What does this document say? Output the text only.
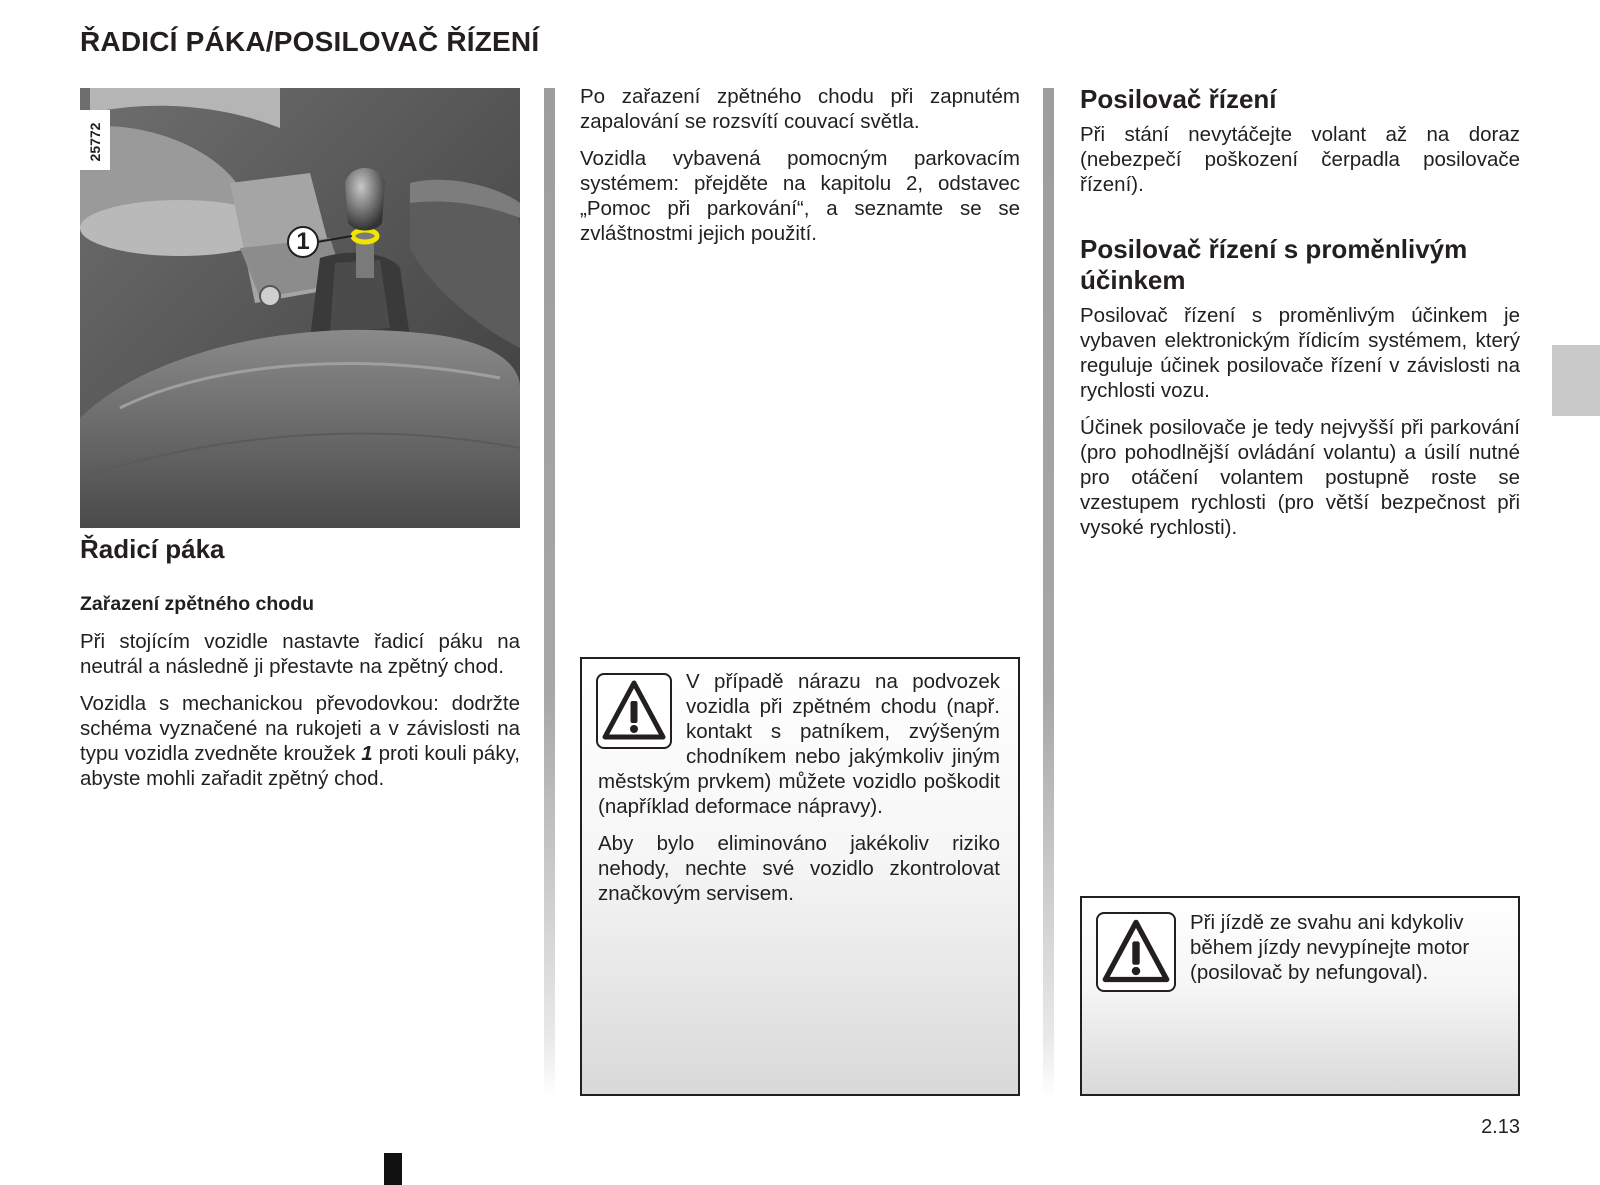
ŘADICÍ PÁKA/POSILOVAČ ŘÍZENÍ
25772
1

Řadicí páka

Zařazení zpětného chodu

Při stojícím vozidle nastavte řadicí páku na neutrál a následně ji přestavte na zpětný chod.

Vozidla s mechanickou převodovkou: dodržte schéma vyznačené na rukojeti a v závislosti na typu vozidla zvedněte kroužek 1 proti kouli páky, abyste mohli zařadit zpětný chod.

Po zařazení zpětného chodu při zapnutém zapalování se rozsvítí couvací světla.

Vozidla vybavená pomocným parkovacím systémem: přejděte na kapitolu 2, odstavec „Pomoc při parkování“, a seznamte se se zvláštnostmi jejich použití.

V případě nárazu na podvozek vozidla při zpětném chodu (např. kontakt s patníkem, zvýšeným chodníkem nebo jakýmkoliv jiným městským prvkem) můžete vozidlo poškodit (například deformace nápravy).

Aby bylo eliminováno jakékoliv riziko nehody, nechte své vozidlo zkontrolovat značkovým servisem.

Posilovač řízení

Při stání nevytáčejte volant až na doraz (nebezpečí poškození čerpadla posilovače řízení).

Posilovač řízení s proměnlivým účinkem

Posilovač řízení s proměnlivým účinkem je vybaven elektronickým řídicím systémem, který reguluje účinek posilovače řízení v závislosti na rychlosti vozu.

Účinek posilovače je tedy nejvyšší při parkování (pro pohodlnější ovládání volantu) a úsilí nutné pro otáčení volantem postupně roste se vzestupem rychlosti (pro větší bezpečnost při vysoké rychlosti).

Při jízdě ze svahu ani kdykoliv během jízdy nevypínejte motor (posilovač by nefungoval).

2.13
